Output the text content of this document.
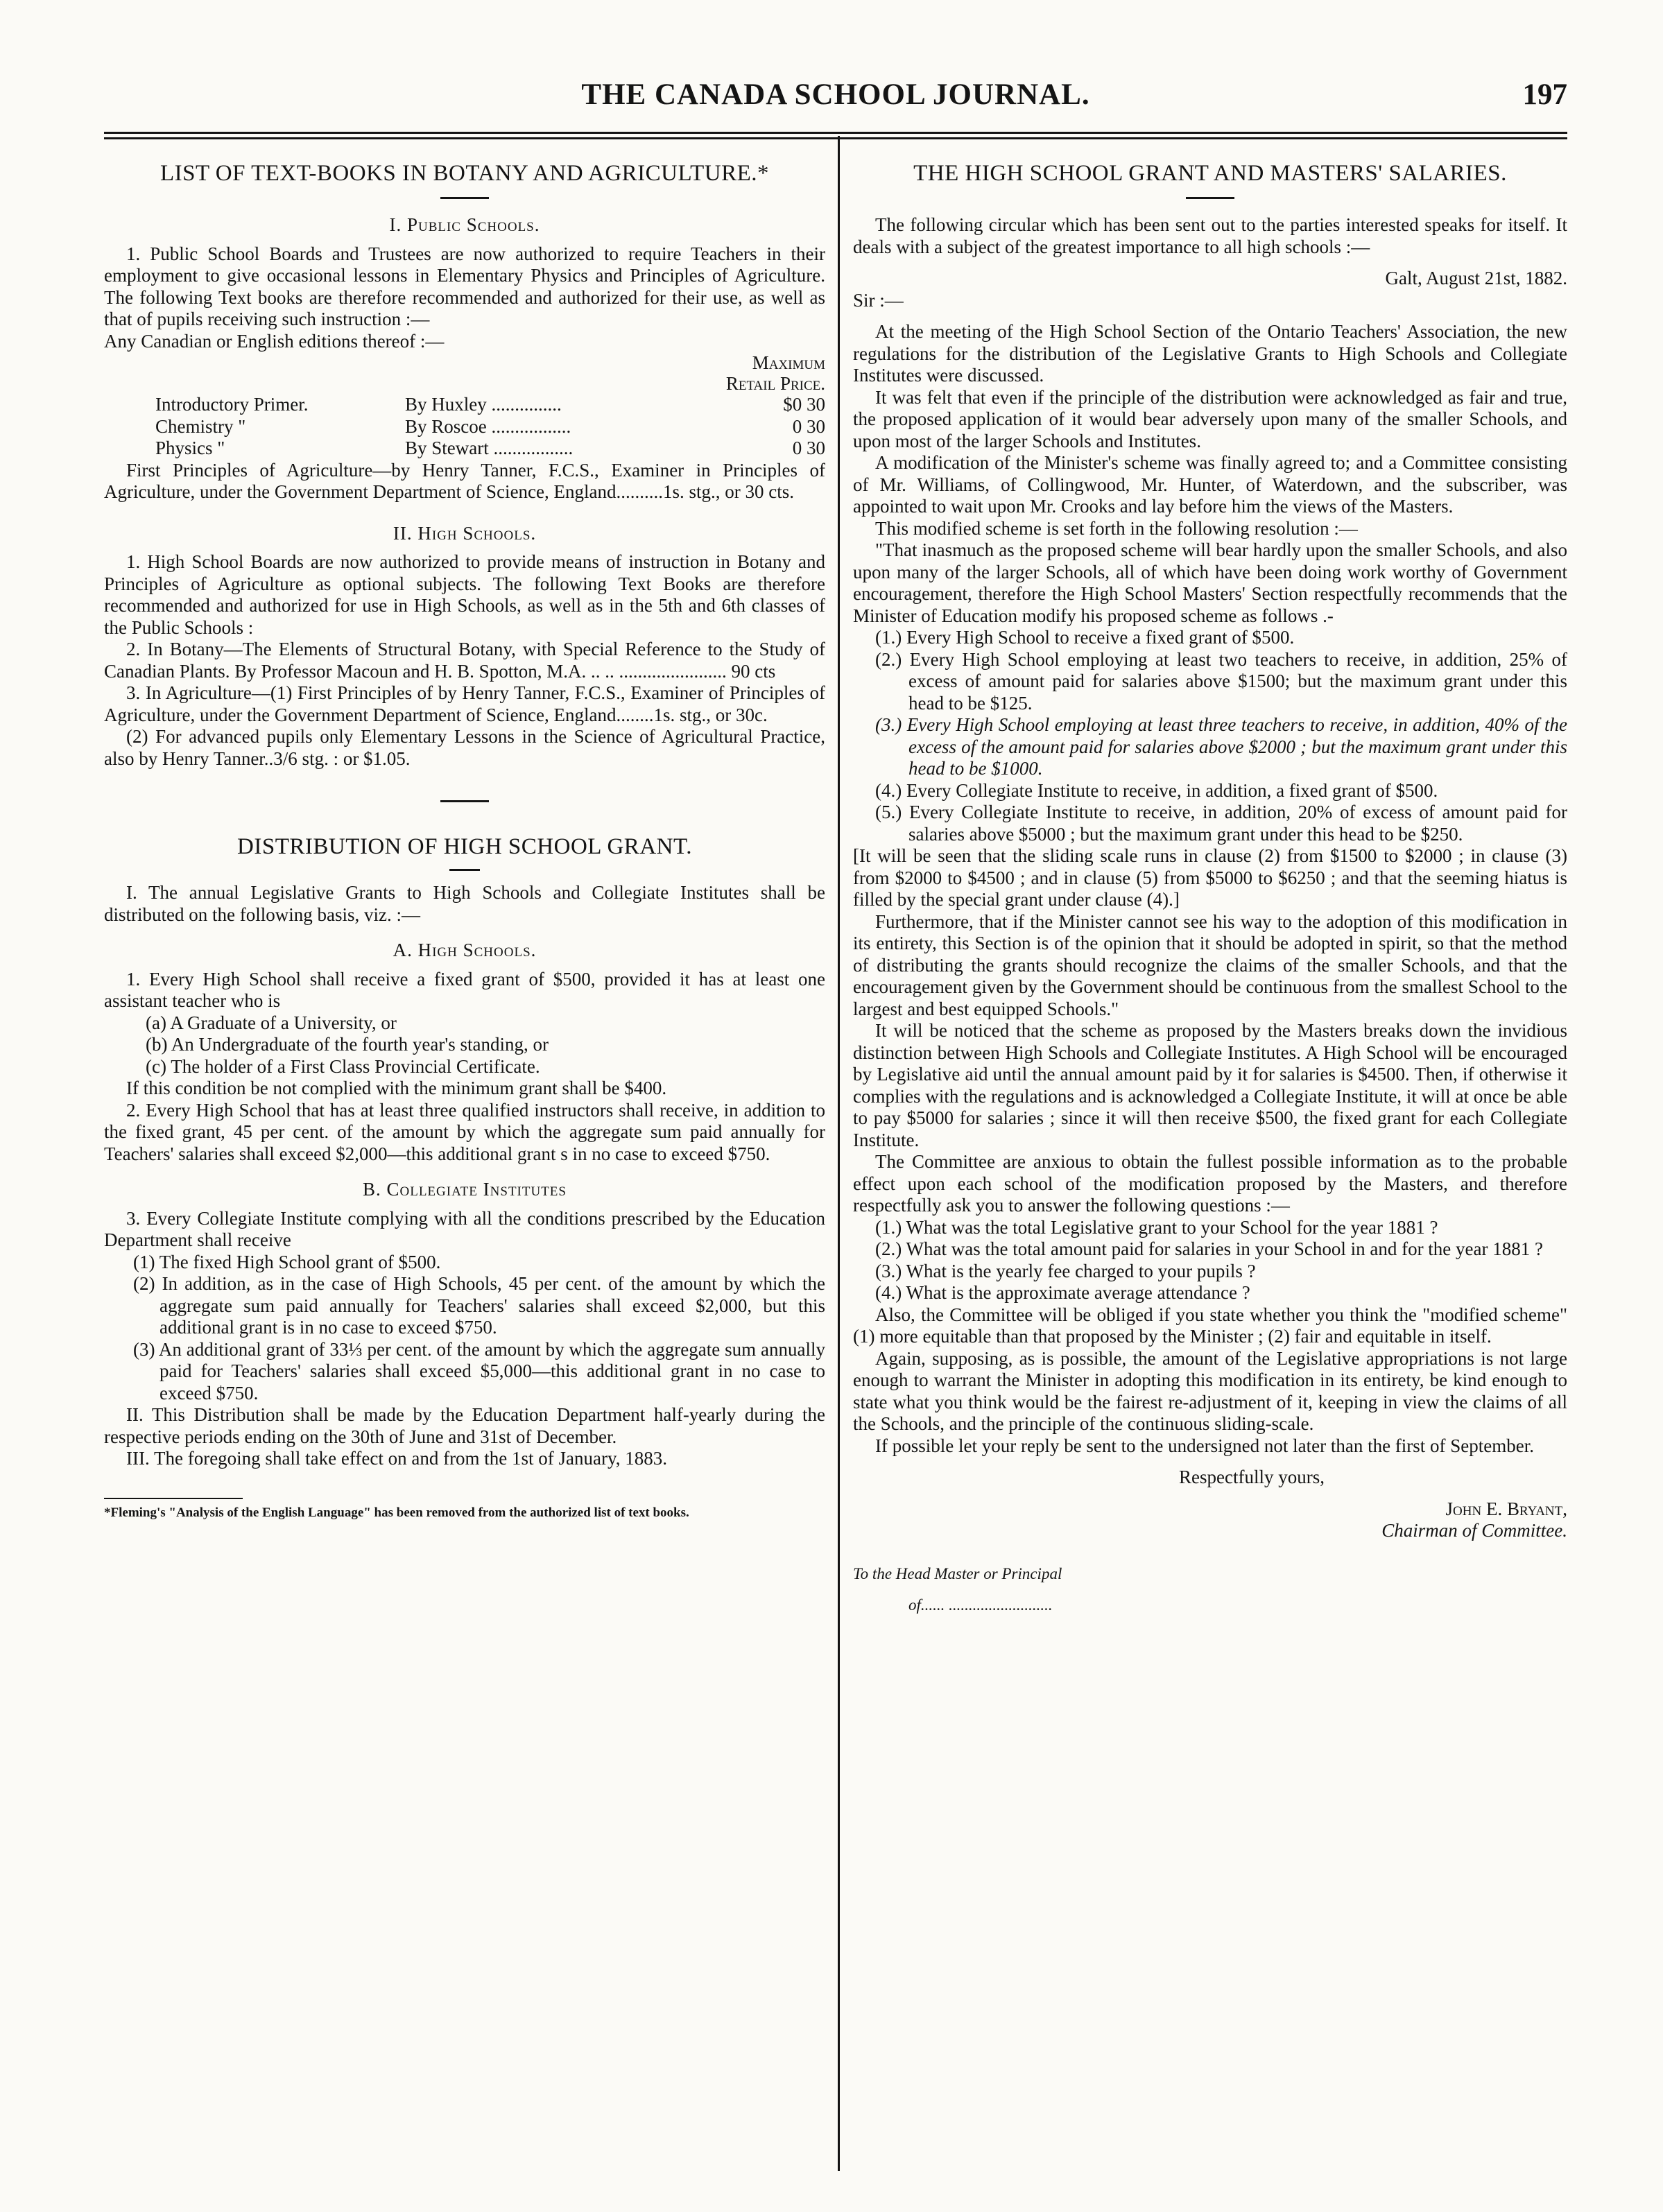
THE CANADA SCHOOL JOURNAL.	197
LIST OF TEXT-BOOKS IN BOTANY AND AGRICULTURE.*
I. Public Schools.

1. Public School Boards and Trustees are now authorized to require Teachers in their employment to give occasional lessons in Elementary Physics and Principles of Agriculture. The following Text books are therefore recommended and authorized for their use, as well as that of pupils receiving such instruction :—

Any Canadian or English editions thereof :—

Maximum
Retail Price.
Introductory Primer.	By Huxley ...............	$0 30
Chemistry "	By Roscoe .................	0 30
Physics "	By Stewart .................	0 30

First Principles of Agriculture—by Henry Tanner, F.C.S., Examiner in Principles of Agriculture, under the Government Department of Science, England..........1s. stg., or 30 cts.

II. High Schools.

1. High School Boards are now authorized to provide means of instruction in Botany and Principles of Agriculture as optional subjects. The following Text Books are therefore recommended and authorized for use in High Schools, as well as in the 5th and 6th classes of the Public Schools :

2. In Botany—The Elements of Structural Botany, with Special Reference to the Study of Canadian Plants. By Professor Macoun and H. B. Spotton, M.A. .. .. ....................... 90 cts

3. In Agriculture—(1) First Principles of by Henry Tanner, F.C.S., Examiner of Principles of Agriculture, under the Government Department of Science, England........1s. stg., or 30c.

(2) For advanced pupils only Elementary Lessons in the Science of Agricultural Practice, also by Henry Tanner..3/6 stg. : or $1.05.

DISTRIBUTION OF HIGH SCHOOL GRANT.

I. The annual Legislative Grants to High Schools and Collegiate Institutes shall be distributed on the following basis, viz. :—

A. High Schools.

1. Every High School shall receive a fixed grant of $500, provided it has at least one assistant teacher who is

(a) A Graduate of a University, or

(b) An Undergraduate of the fourth year's standing, or

(c) The holder of a First Class Provincial Certificate.

If this condition be not complied with the minimum grant shall be $400.

2. Every High School that has at least three qualified instructors shall receive, in addition to the fixed grant, 45 per cent. of the amount by which the aggregate sum paid annually for Teachers' salaries shall exceed $2,000—this additional grant s in no case to exceed $750.

B. Collegiate Institutes

3. Every Collegiate Institute complying with all the conditions prescribed by the Education Department shall receive

(1) The fixed High School grant of $500.

(2) In addition, as in the case of High Schools, 45 per cent. of the amount by which the aggregate sum paid annually for Teachers' salaries shall exceed $2,000, but this additional grant is in no case to exceed $750.

(3) An additional grant of 33⅓ per cent. of the amount by which the aggregate sum annually paid for Teachers' salaries shall exceed $5,000—this additional grant in no case to exceed $750.

II. This Distribution shall be made by the Education Department half-yearly during the respective periods ending on the 30th of June and 31st of December.

III. The foregoing shall take effect on and from the 1st of January, 1883.

*Fleming's "Analysis of the English Language" has been removed from the authorized list of text books.
THE HIGH SCHOOL GRANT AND MASTERS' SALARIES.

The following circular which has been sent out to the parties interested speaks for itself. It deals with a subject of the greatest importance to all high schools :—

Galt, August 21st, 1882.

Sir :—

At the meeting of the High School Section of the Ontario Teachers' Association, the new regulations for the distribution of the Legislative Grants to High Schools and Collegiate Institutes were discussed.

It was felt that even if the principle of the distribution were acknowledged as fair and true, the proposed application of it would bear adversely upon many of the smaller Schools, and upon most of the larger Schools and Institutes.

A modification of the Minister's scheme was finally agreed to; and a Committee consisting of Mr. Williams, of Collingwood, Mr. Hunter, of Waterdown, and the subscriber, was appointed to wait upon Mr. Crooks and lay before him the views of the Masters.

This modified scheme is set forth in the following resolution :—

"That inasmuch as the proposed scheme will bear hardly upon the smaller Schools, and also upon many of the larger Schools, all of which have been doing work worthy of Government encouragement, therefore the High School Masters' Section respectfully recommends that the Minister of Education modify his proposed scheme as follows .-

(1.) Every High School to receive a fixed grant of $500.

(2.) Every High School employing at least two teachers to receive, in addition, 25% of excess of amount paid for salaries above $1500; but the maximum grant under this head to be $125.

(3.) Every High School employing at least three teachers to receive, in addition, 40% of the excess of the amount paid for salaries above $2000 ; but the maximum grant under this head to be $1000.

(4.) Every Collegiate Institute to receive, in addition, a fixed grant of $500.

(5.) Every Collegiate Institute to receive, in addition, 20% of excess of amount paid for salaries above $5000 ; but the maximum grant under this head to be $250.

[It will be seen that the sliding scale runs in clause (2) from $1500 to $2000 ; in clause (3) from $2000 to $4500 ; and in clause (5) from $5000 to $6250 ; and that the seeming hiatus is filled by the special grant under clause (4).]

Furthermore, that if the Minister cannot see his way to the adoption of this modification in its entirety, this Section is of the opinion that it should be adopted in spirit, so that the method of distributing the grants should recognize the claims of the smaller Schools, and that the encouragement given by the Government should be continuous from the smallest School to the largest and best equipped Schools."

It will be noticed that the scheme as proposed by the Masters breaks down the invidious distinction between High Schools and Collegiate Institutes. A High School will be encouraged by Legislative aid until the annual amount paid by it for salaries is $4500. Then, if otherwise it complies with the regulations and is acknowledged a Collegiate Institute, it will at once be able to pay $5000 for salaries ; since it will then receive $500, the fixed grant for each Collegiate Institute.

The Committee are anxious to obtain the fullest possible information as to the probable effect upon each school of the modification proposed by the Masters, and therefore respectfully ask you to answer the following questions :—

(1.) What was the total Legislative grant to your School for the year 1881 ?

(2.) What was the total amount paid for salaries in your School in and for the year 1881 ?

(3.) What is the yearly fee charged to your pupils ?

(4.) What is the approximate average attendance ?

Also, the Committee will be obliged if you state whether you think the "modified scheme" (1) more equitable than that proposed by the Minister ; (2) fair and equitable in itself.

Again, supposing, as is possible, the amount of the Legislative appropriations is not large enough to warrant the Minister in adopting this modification in its entirety, be kind enough to state what you think would be the fairest re-adjustment of it, keeping in view the claims of all the Schools, and the principle of the continuous sliding-scale.

If possible let your reply be sent to the undersigned not later than the first of September.

Respectfully yours,
John E. Bryant,
Chairman of Committee.
To the Head Master or Principal
of...... ..........................
